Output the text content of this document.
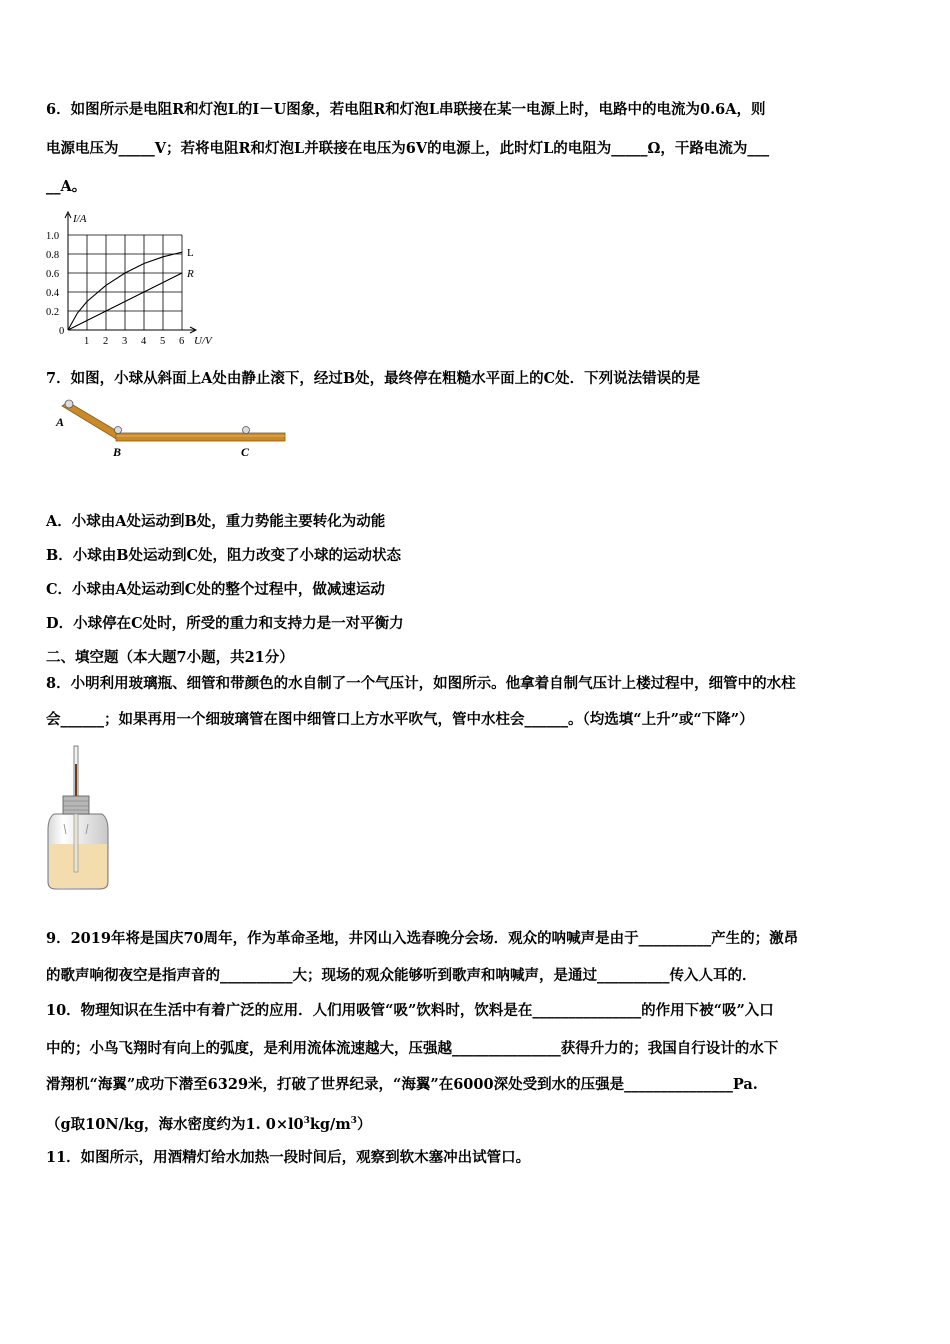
6．如图所示是电阻R和灯泡L的I－U图象，若电阻R和灯泡L串联接在某一电源上时，电路中的电流为0.6A，则
电源电压为_____V；若将电阻R和灯泡L并联接在电压为6V的电源上，此时灯L的电阻为_____Ω，干路电流为___
__A。
L
R
1 2 3 4 5 6
0.2
0.4
0.6
0.8
1.0
0
I/A
U/V
7．如图，小球从斜面上A处由静止滚下，经过B处，最终停在粗糙水平面上的C处．下列说法错误的是
A
B	C
A．小球由A处运动到B处，重力势能主要转化为动能
B．小球由B处运动到C处，阻力改变了小球的运动状态
C．小球由A处运动到C处的整个过程中，做减速运动
D．小球停在C处时，所受的重力和支持力是一对平衡力
二、填空题（本大题7小题，共21分）
8．小明利用玻璃瓶、细管和带颜色的水自制了一个气压计，如图所示。他拿着自制气压计上楼过程中，细管中的水柱
会______；如果再用一个细玻璃管在图中细管口上方水平吹气，管中水柱会______。（均选填“上升”或“下降”）
9．2019年将是国庆70周年，作为革命圣地，井冈山入选春晚分会场．观众的呐喊声是由于__________产生的；激昂
的歌声响彻夜空是指声音的__________大；现场的观众能够听到歌声和呐喊声，是通过__________传入人耳的．
10．物理知识在生活中有着广泛的应用．人们用吸管“吸”饮料时，饮料是在_______________的作用下被“吸”入口
中的；小鸟飞翔时有向上的弧度，是利用流体流速越大，压强越_______________获得升力的；我国自行设计的水下
滑翔机“海翼”成功下潜至6329米，打破了世界纪录，“海翼”在6000深处受到水的压强是_______________Pa.
（g取10N/kg，海水密度约为1. $0\times l0^3kg/m^3$）
11．如图所示，用酒精灯给水加热一段时间后，观察到软木塞冲出试管口。
